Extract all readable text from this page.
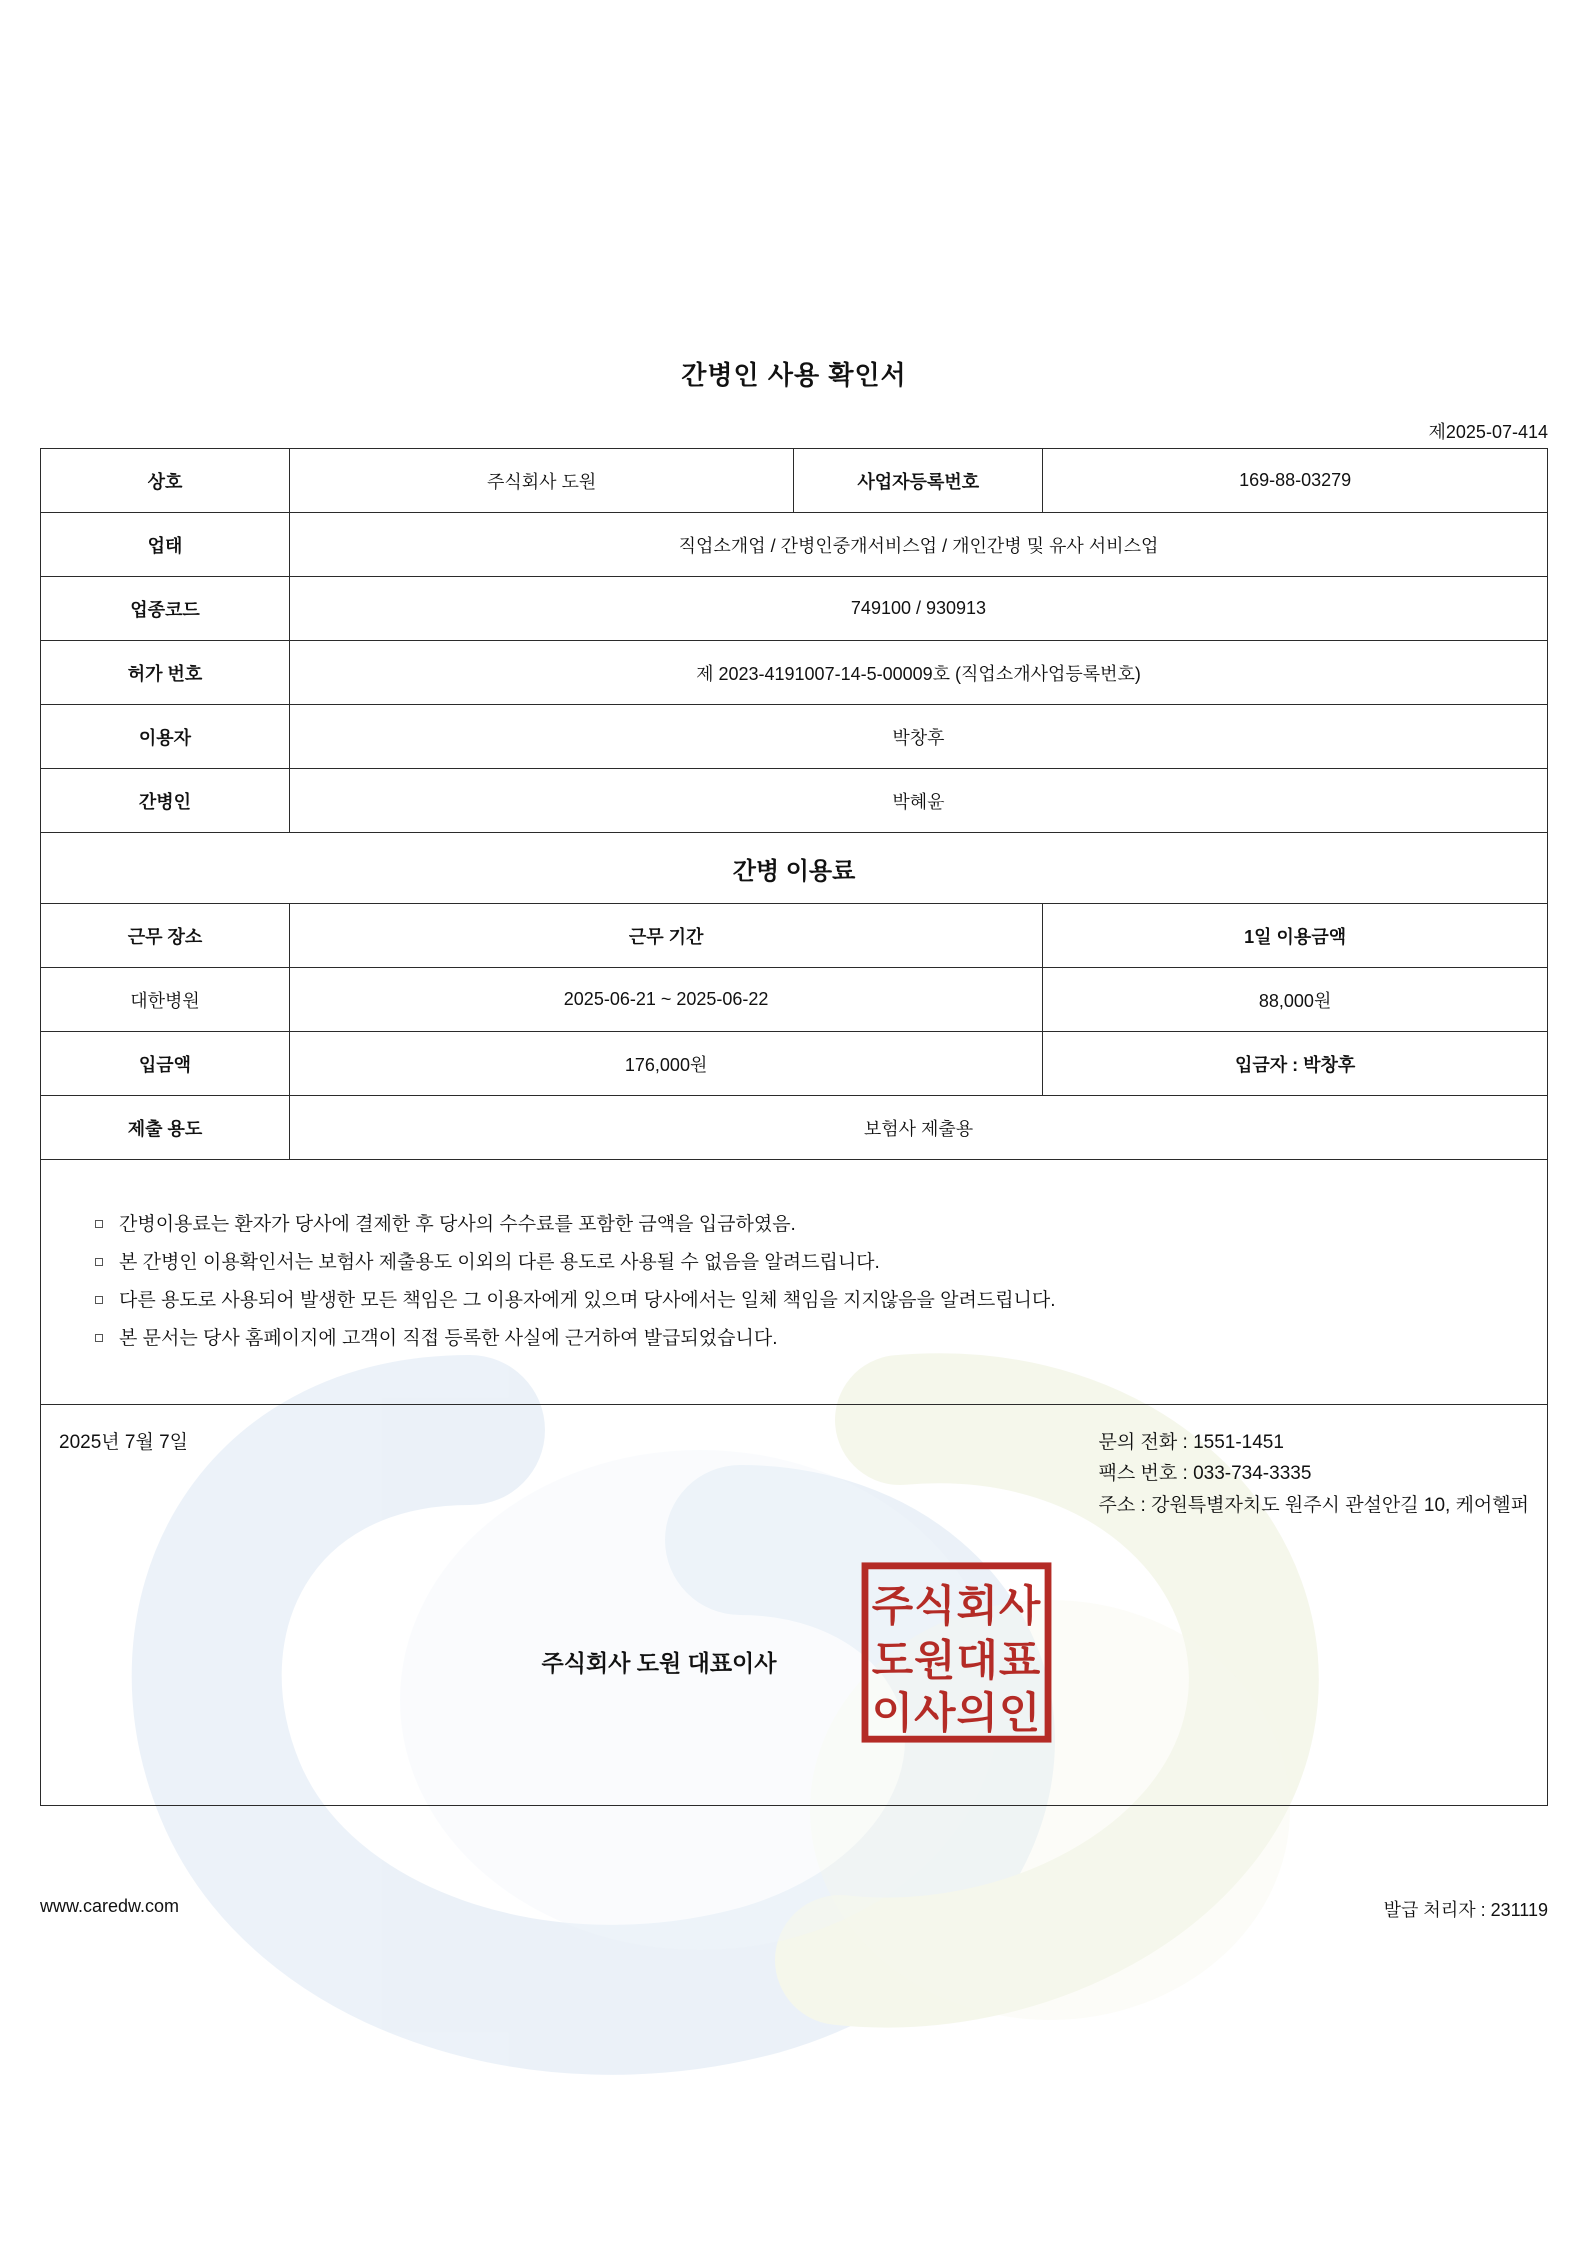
간병인 사용 확인서
제2025-07-414
상호	주식회사 도원	사업자등록번호	169-88-03279
업태	직업소개업 / 간병인중개서비스업 / 개인간병 및 유사 서비스업		
업종코드	749100 / 930913		
허가 번호	제 2023-4191007-14-5-00009호 (직업소개사업등록번호)		
이용자	박창후		
간병인	박혜윤		
간병 이용료			
근무 장소	근무 기간		1일 이용금액
대한병원	2025-06-21 ~ 2025-06-22		88,000원
입금액	176,000원		입금자 : 박창후
제출 용도	보험사 제출용		

간병이용료는 환자가 당사에 결제한 후 당사의 수수료를 포함한 금액을 입금하였음.
본 간병인 이용확인서는 보험사 제출용도 이외의 다른 용도로 사용될 수 없음을 알려드립니다.
다른 용도로 사용되어 발생한 모든 책임은 그 이용자에게 있으며 당사에서는 일체 책임을 지지않음을 알려드립니다.
본 문서는 당사 홈페이지에 고객이 직접 등록한 사실에 근거하여 발급되었습니다.

2025년 7월 7일	문의 전화 : 1551-1451
팩스 번호 : 033-734-3335
주소 : 강원특별자치도 원주시 관설안길 10, 케어헬퍼
주식회사
도원대표
이사의인
주식회사 도원 대표이사
www.caredw.com	발급 처리자 : 231119
